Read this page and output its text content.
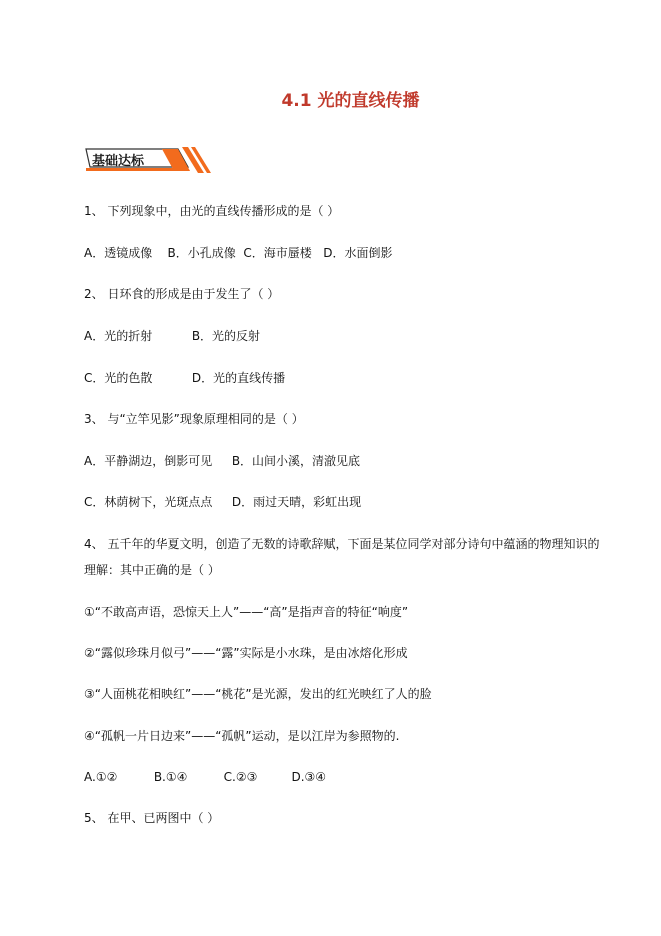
4.1 光的直线传播
基础达标
1、 下列现象中，由光的直线传播形成的是（ ）
A．透镜成像 B．小孔成像 C．海市蜃楼 D．水面倒影
2、 日环食的形成是由于发生了（ ）
A．光的折射	B．光的反射
C．光的色散	D．光的直线传播
3、 与“立竿见影”现象原理相同的是（ ）
A．平静湖边，倒影可见 B．山间小溪，清澈见底
C．林荫树下，光斑点点 D．雨过天晴，彩虹出现
4、 五千年的华夏文明，创造了无数的诗歌辞赋，下面是某位同学对部分诗句中蕴涵的物理知识的理解：其中正确的是（ ）
①“不敢高声语，恐惊天上人”——“高”是指声音的特征“响度”
②“露似珍珠月似弓”——“露”实际是小水珠，是由冰熔化形成
③“人面桃花相映红”——“桃花”是光源，发出的红光映红了人的脸
④“孤帆一片日边来”——“孤帆”运动，是以江岸为参照物的.
A.①②	B.①④	C.②③	D.③④
5、 在甲、已两图中（ ）
